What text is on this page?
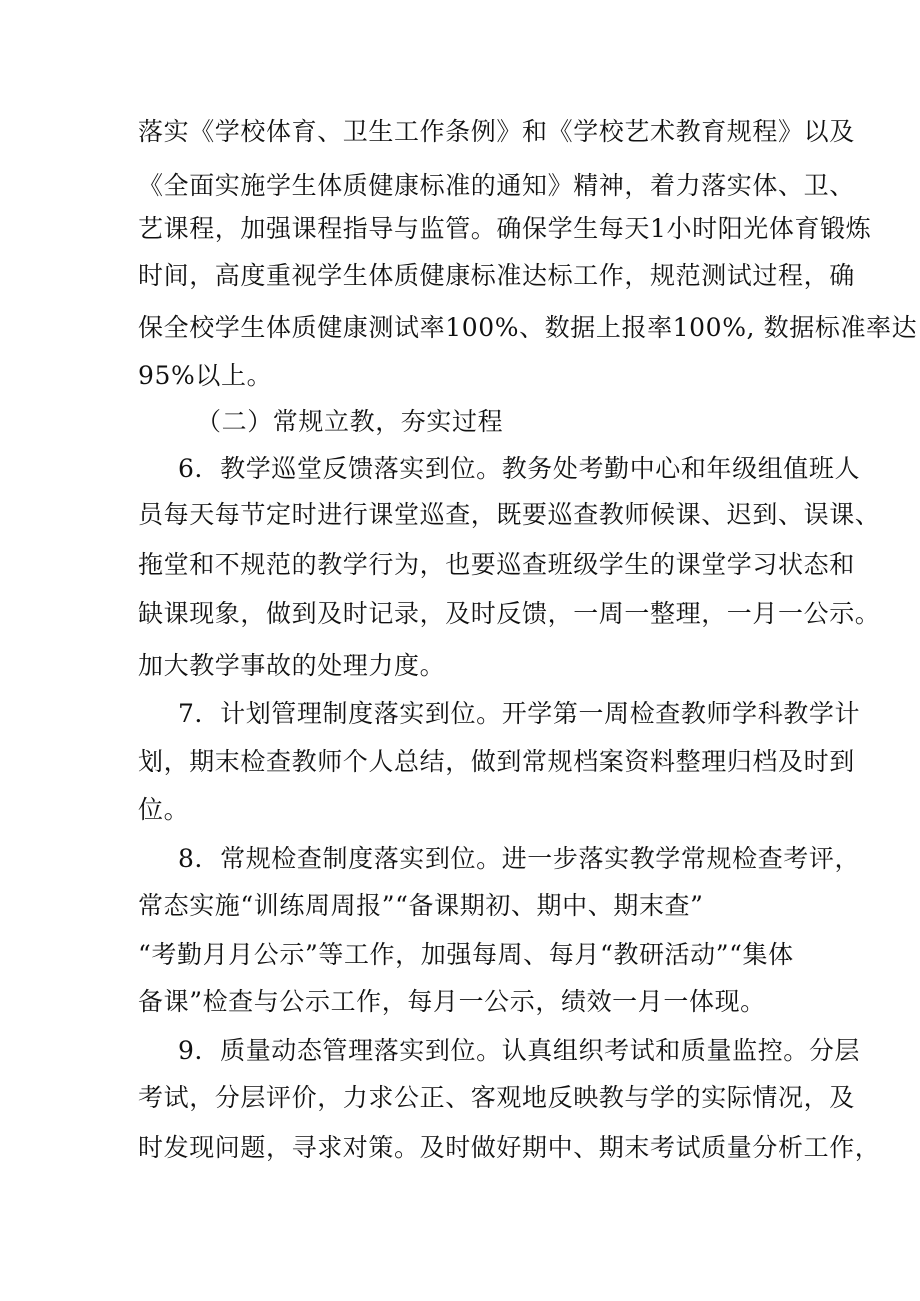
落实《学校体育、卫生工作条例》和《学校艺术教育规程》以及
《全面实施学生体质健康标准的通知》精神，着力落实体、卫、
艺课程，加强课程指导与监管。确保学生每天1小时阳光体育锻炼
时间，高度重视学生体质健康标准达标工作，规范测试过程，确
保全校学生体质健康测试率100%、数据上报率100%, 数据标准率达
95%以上。
（二）常规立教，夯实过程
6．教学巡堂反馈落实到位。教务处考勤中心和年级组值班人
员每天每节定时进行课堂巡查，既要巡查教师候课、迟到、误课、
拖堂和不规范的教学行为，也要巡查班级学生的课堂学习状态和
缺课现象，做到及时记录，及时反馈，一周一整理，一月一公示。
加大教学事故的处理力度。
7．计划管理制度落实到位。开学第一周检查教师学科教学计
划，期末检查教师个人总结，做到常规档案资料整理归档及时到
位。
8．常规检查制度落实到位。进一步落实教学常规检查考评，
常态实施“训练周周报”“备课期初、期中、期末查”
“考勤月月公示”等工作，加强每周、每月“教研活动”“集体
备课”检查与公示工作，每月一公示，绩效一月一体现。
9．质量动态管理落实到位。认真组织考试和质量监控。分层
考试，分层评价，力求公正、客观地反映教与学的实际情况，及
时发现问题，寻求对策。及时做好期中、期末考试质量分析工作，
